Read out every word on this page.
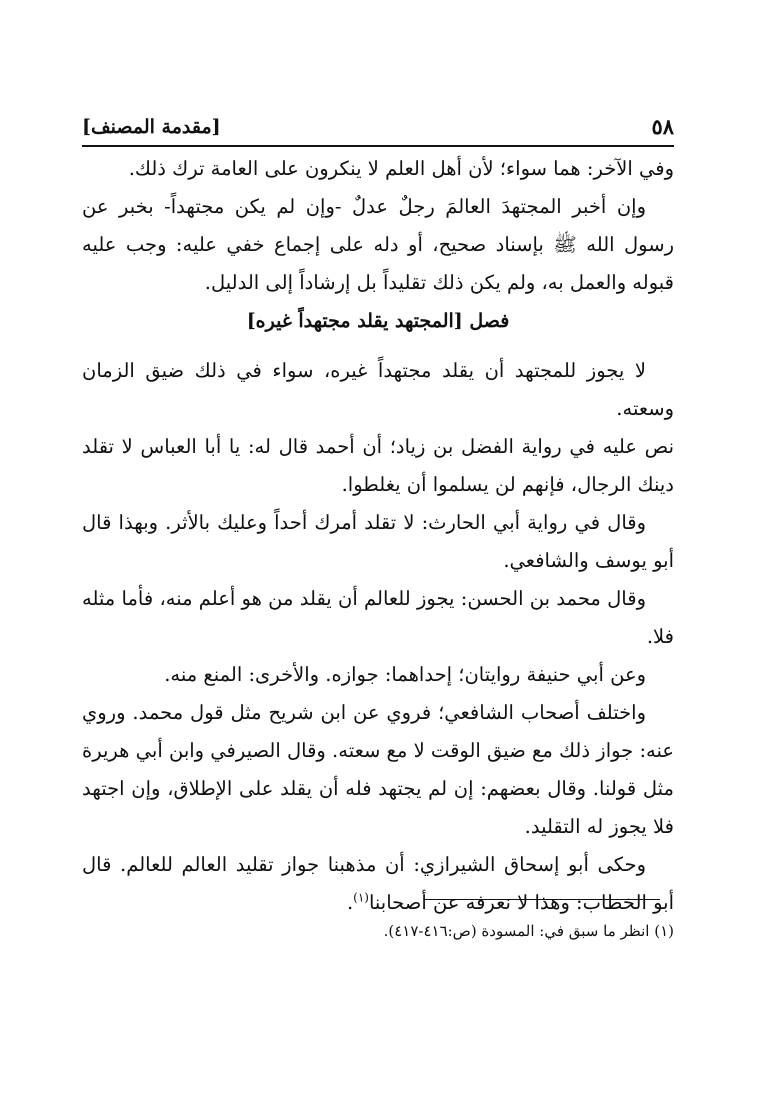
٥٨
[مقدمة المصنف]

وفي الآخر: هما سواء؛ لأن أهل العلم لا ينكرون على العامة ترك ذلك.

وإن أخبر المجتهدَ العالمَ رجلٌ عدلٌ -وإن لم يكن مجتهداً- بخبر عن رسول الله ﷺ بإسناد صحيح، أو دله على إجماع خفي عليه: وجب عليه قبوله والعمل به، ولم يكن ذلك تقليداً بل إرشاداً إلى الدليل.

فصل [المجتهد يقلد مجتهداً غيره]

لا يجوز للمجتهد أن يقلد مجتهداً غيره، سواء في ذلك ضيق الزمان وسعته.

نص عليه في رواية الفضل بن زياد؛ أن أحمد قال له: يا أبا العباس لا تقلد دينك الرجال، فإنهم لن يسلموا أن يغلطوا.

وقال في رواية أبي الحارث: لا تقلد أمرك أحداً وعليك بالأثر. وبهذا قال أبو يوسف والشافعي.

وقال محمد بن الحسن: يجوز للعالم أن يقلد من هو أعلم منه، فأما مثله فلا.

وعن أبي حنيفة روايتان؛ إحداهما: جوازه. والأخرى: المنع منه.

واختلف أصحاب الشافعي؛ فروي عن ابن شريح مثل قول محمد. وروي عنه: جواز ذلك مع ضيق الوقت لا مع سعته. وقال الصيرفي وابن أبي هريرة مثل قولنا. وقال بعضهم: إن لم يجتهد فله أن يقلد على الإطلاق، وإن اجتهد فلا يجوز له التقليد.

وحكى أبو إسحاق الشيرازي: أن مذهبنا جواز تقليد العالم للعالم. قال أبو الخطاب: وهذا لا نعرفه عن أصحابنا$^{(١)}$.

(١) انظر ما سبق في: المسودة (ص:٤١٦-٤١٧).
